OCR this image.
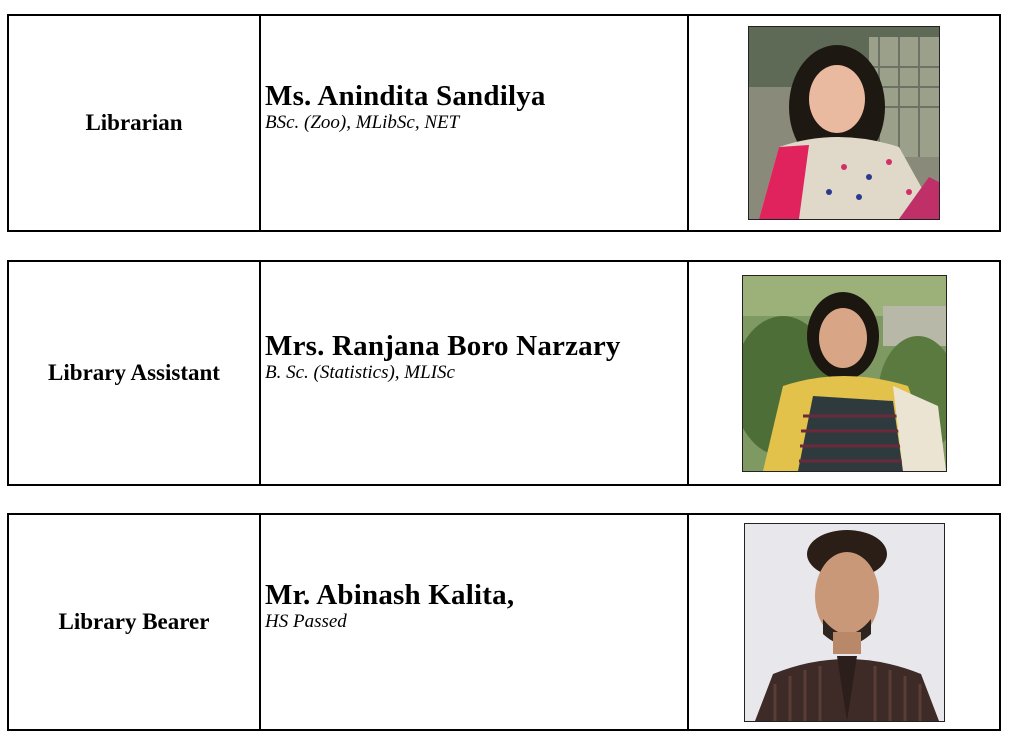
Librarian	
Ms. Anindita Sandilya
BSc. (Zoo), MLibSc, NET

Library Assistant	
Mrs. Ranjana Boro Narzary
B. Sc. (Statistics), MLISc

Library Bearer	
Mr. Abinash Kalita,
HS Passed
